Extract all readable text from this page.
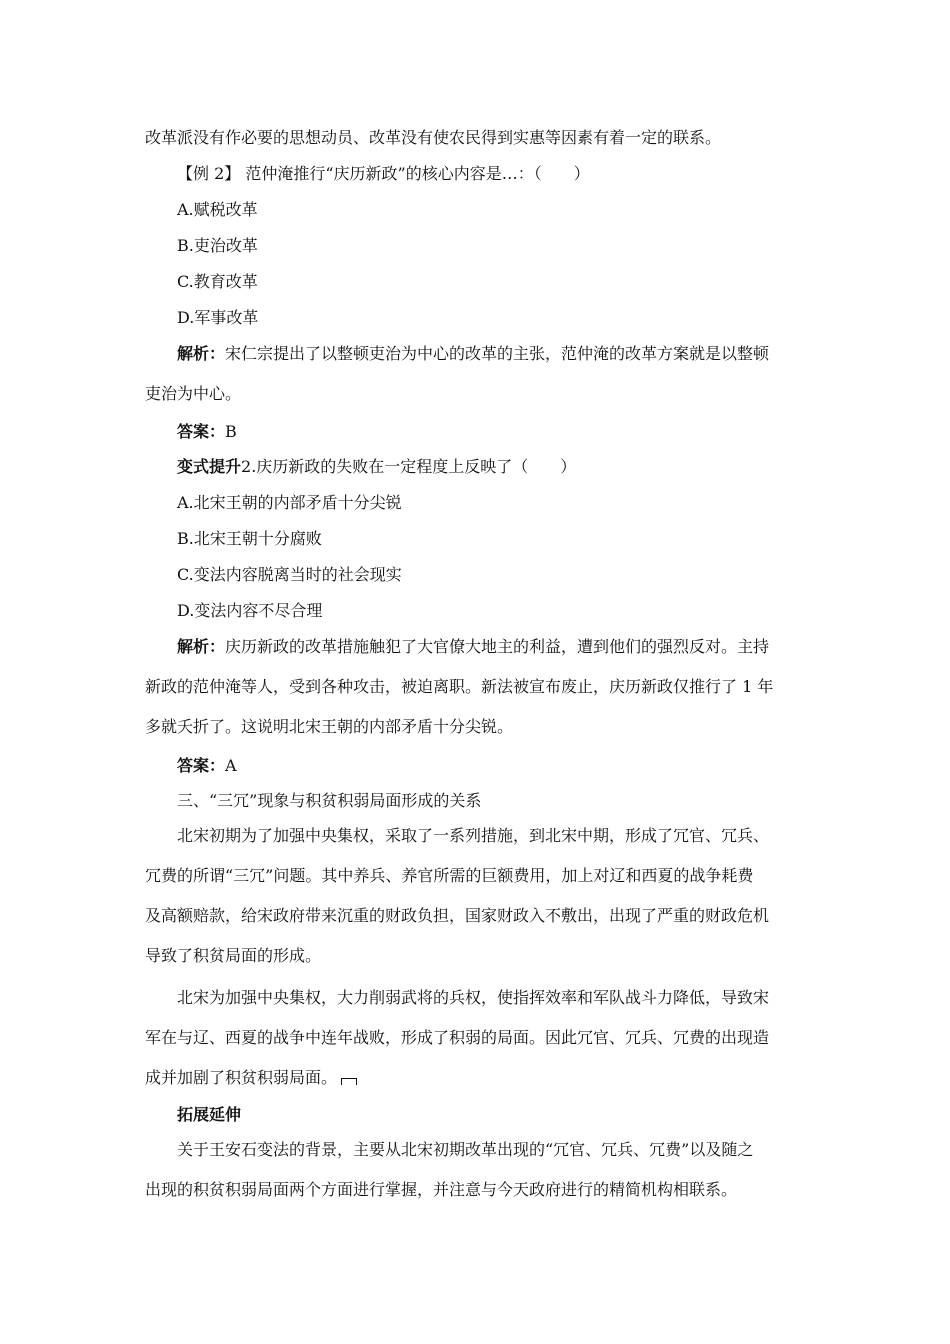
改革派没有作必要的思想动员、改革没有使农民得到实惠等因素有着一定的联系。
【例 2】 范仲淹推行“庆历新政”的核心内容是…：（　　）
A.赋税改革
B.吏治改革
C.教育改革
D.军事改革
解析：宋仁宗提出了以整顿吏治为中心的改革的主张，范仲淹的改革方案就是以整顿
吏治为中心。
答案：B
变式提升2.庆历新政的失败在一定程度上反映了（　　）
A.北宋王朝的内部矛盾十分尖锐
B.北宋王朝十分腐败
C.变法内容脱离当时的社会现实
D.变法内容不尽合理
解析：庆历新政的改革措施触犯了大官僚大地主的利益，遭到他们的强烈反对。主持
新政的范仲淹等人，受到各种攻击，被迫离职。新法被宣布废止，庆历新政仅推行了 1 年
多就夭折了。这说明北宋王朝的内部矛盾十分尖锐。
答案：A
三、“三冗”现象与积贫积弱局面形成的关系
北宋初期为了加强中央集权，采取了一系列措施，到北宋中期，形成了冗官、冗兵、
冗费的所谓“三冗”问题。其中养兵、养官所需的巨额费用，加上对辽和西夏的战争耗费
及高额赔款，给宋政府带来沉重的财政负担，国家财政入不敷出，出现了严重的财政危机
导致了积贫局面的形成。
北宋为加强中央集权，大力削弱武将的兵权，使指挥效率和军队战斗力降低，导致宋
军在与辽、西夏的战争中连年战败，形成了积弱的局面。因此冗官、冗兵、冗费的出现造
成并加剧了积贫积弱局面。
拓展延伸
关于王安石变法的背景，主要从北宋初期改革出现的“冗官、冗兵、冗费”以及随之
出现的积贫积弱局面两个方面进行掌握，并注意与今天政府进行的精简机构相联系。
